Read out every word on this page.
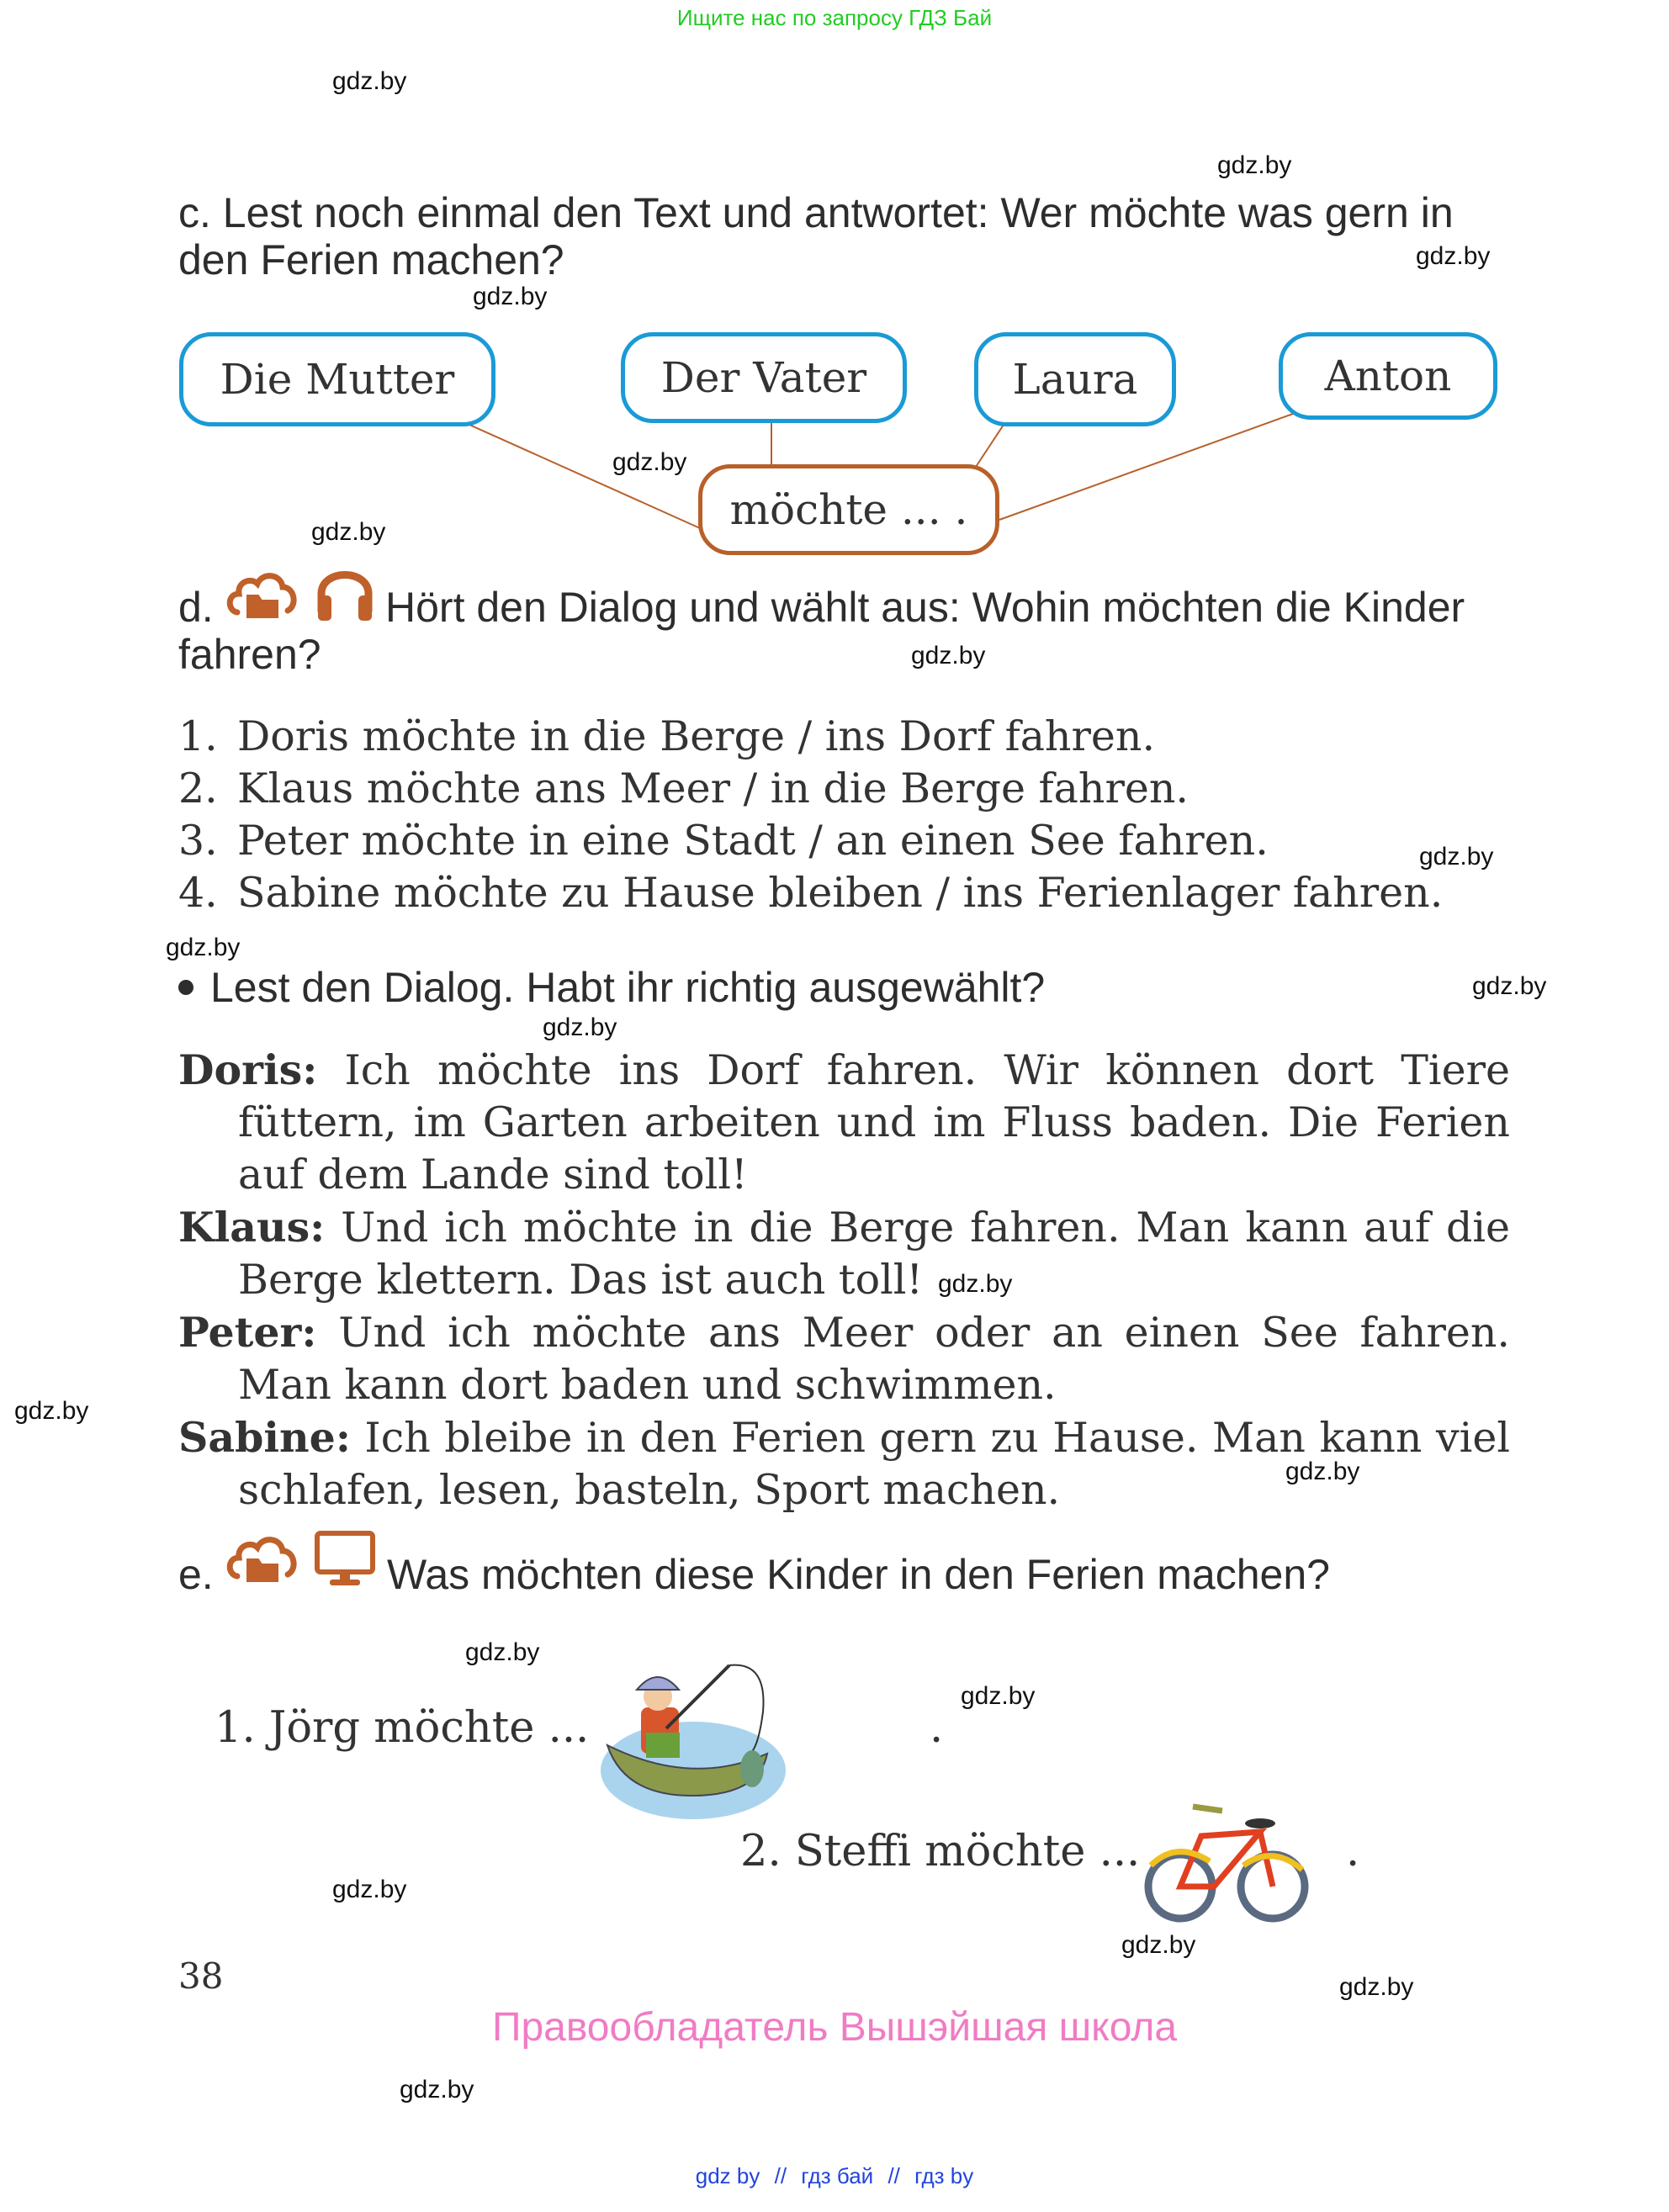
Ищите нас по запросу ГДЗ Бай
gdz.by
gdz.by
gdz.by
gdz.by
gdz.by
gdz.by
gdz.by
gdz.by
gdz.by
gdz.by
gdz.by
gdz.by
gdz.by
gdz.by
gdz.by
gdz.by
gdz.by
gdz.by
gdz.by
gdz.by
c. Lest noch einmal den Text und antwortet: Wer möchte was gern in
den Ferien machen?
Die Mutter	Der Vater	Laura	Anton
möchte ... .
d.	Hört den Dialog und wählt aus: Wohin möchten die Kinder
fahren?
1. Doris möchte in die Berge / ins Dorf fahren.
2. Klaus möchte ans Meer / in die Berge fahren.
3. Peter möchte in eine Stadt / an einen See fahren.
4. Sabine möchte zu Hause bleiben / ins Ferienlager fahren.
Lest den Dialog. Habt ihr richtig ausgewählt?

Doris: Ich möchte ins Dorf fahren. Wir können dort Tiere füttern, im Garten arbeiten und im Fluss baden. Die Ferien auf dem Lande sind toll!

Klaus: Und ich möchte in die Berge fahren. Man kann auf die Berge klettern. Das ist auch toll!

Peter: Und ich möchte ans Meer oder an einen See fahren. Man kann dort baden und schwimmen.

Sabine: Ich bleibe in den Ferien gern zu Hause. Man kann viel schlafen, lesen, basteln, Sport machen.

e.	Was möchten diese Kinder in den Ferien machen?
1. Jörg möchte ...	.
2. Steffi möchte ...	.
38
Правообладатель Вышэйшая школа
gdz by // гдз бай // гдз by
